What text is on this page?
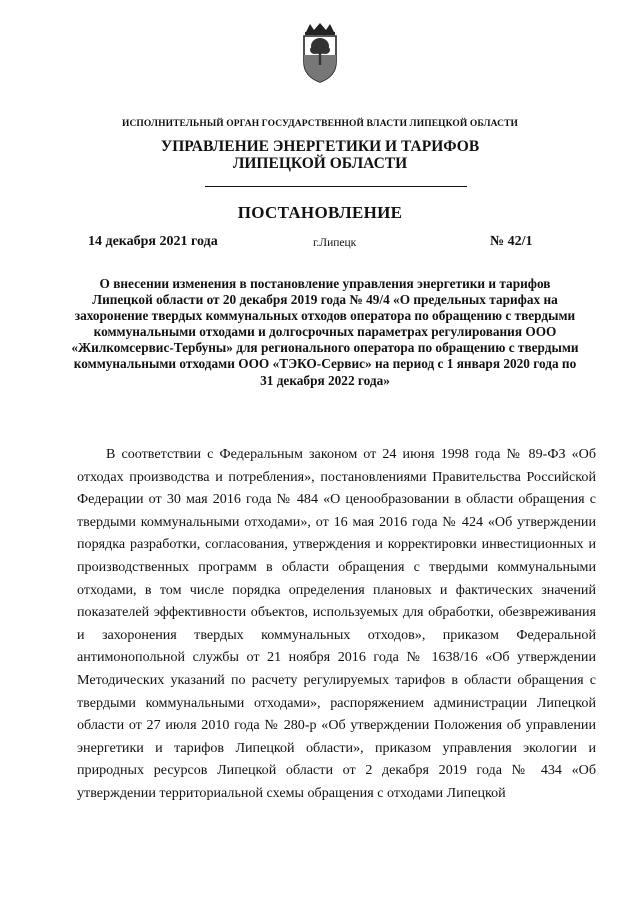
ИСПОЛНИТЕЛЬНЫЙ ОРГАН ГОСУДАРСТВЕННОЙ ВЛАСТИ ЛИПЕЦКОЙ ОБЛАСТИ
УПРАВЛЕНИЕ ЭНЕРГЕТИКИ И ТАРИФОВ
ЛИПЕЦКОЙ ОБЛАСТИ
ПОСТАНОВЛЕНИЕ
14 декабря 2021 года	г.Липецк	№ 42/1
О внесении изменения в постановление управления энергетики и тарифов Липецкой области от 20 декабря 2019 года № 49/4 «О предельных тарифах на захоронение твердых коммунальных отходов оператора по обращению с твердыми коммунальными отходами и долгосрочных параметрах регулирования ООО «Жилкомсервис-Тербуны» для регионального оператора по обращению с твердыми коммунальными отходами ООО «ТЭКО-Сервис» на период с 1 января 2020 года по 31 декабря 2022 года»

В соответствии с Федеральным законом от 24 июня 1998 года № 89-ФЗ «Об отходах производства и потребления», постановлениями Правительства Российской Федерации от 30 мая 2016 года № 484 «О ценообразовании в области обращения с твердыми коммунальными отходами», от 16 мая 2016 года № 424 «Об утверждении порядка разработки, согласования, утверждения и корректировки инвестиционных и производственных программ в области обращения с твердыми коммунальными отходами, в том числе порядка определения плановых и фактических значений показателей эффективности объектов, используемых для обработки, обезвреживания и захоронения твердых коммунальных отходов», приказом Федеральной антимонопольной службы от 21 ноября 2016 года № 1638/16 «Об утверждении Методических указаний по расчету регулируемых тарифов в области обращения с твердыми коммунальными отходами», распоряжением администрации Липецкой области от 27 июля 2010 года № 280-р «Об утверждении Положения об управлении энергетики и тарифов Липецкой области», приказом управления экологии и природных ресурсов Липецкой области от 2 декабря 2019 года № 434 «Об утверждении территориальной схемы обращения с отходами Липецкой
